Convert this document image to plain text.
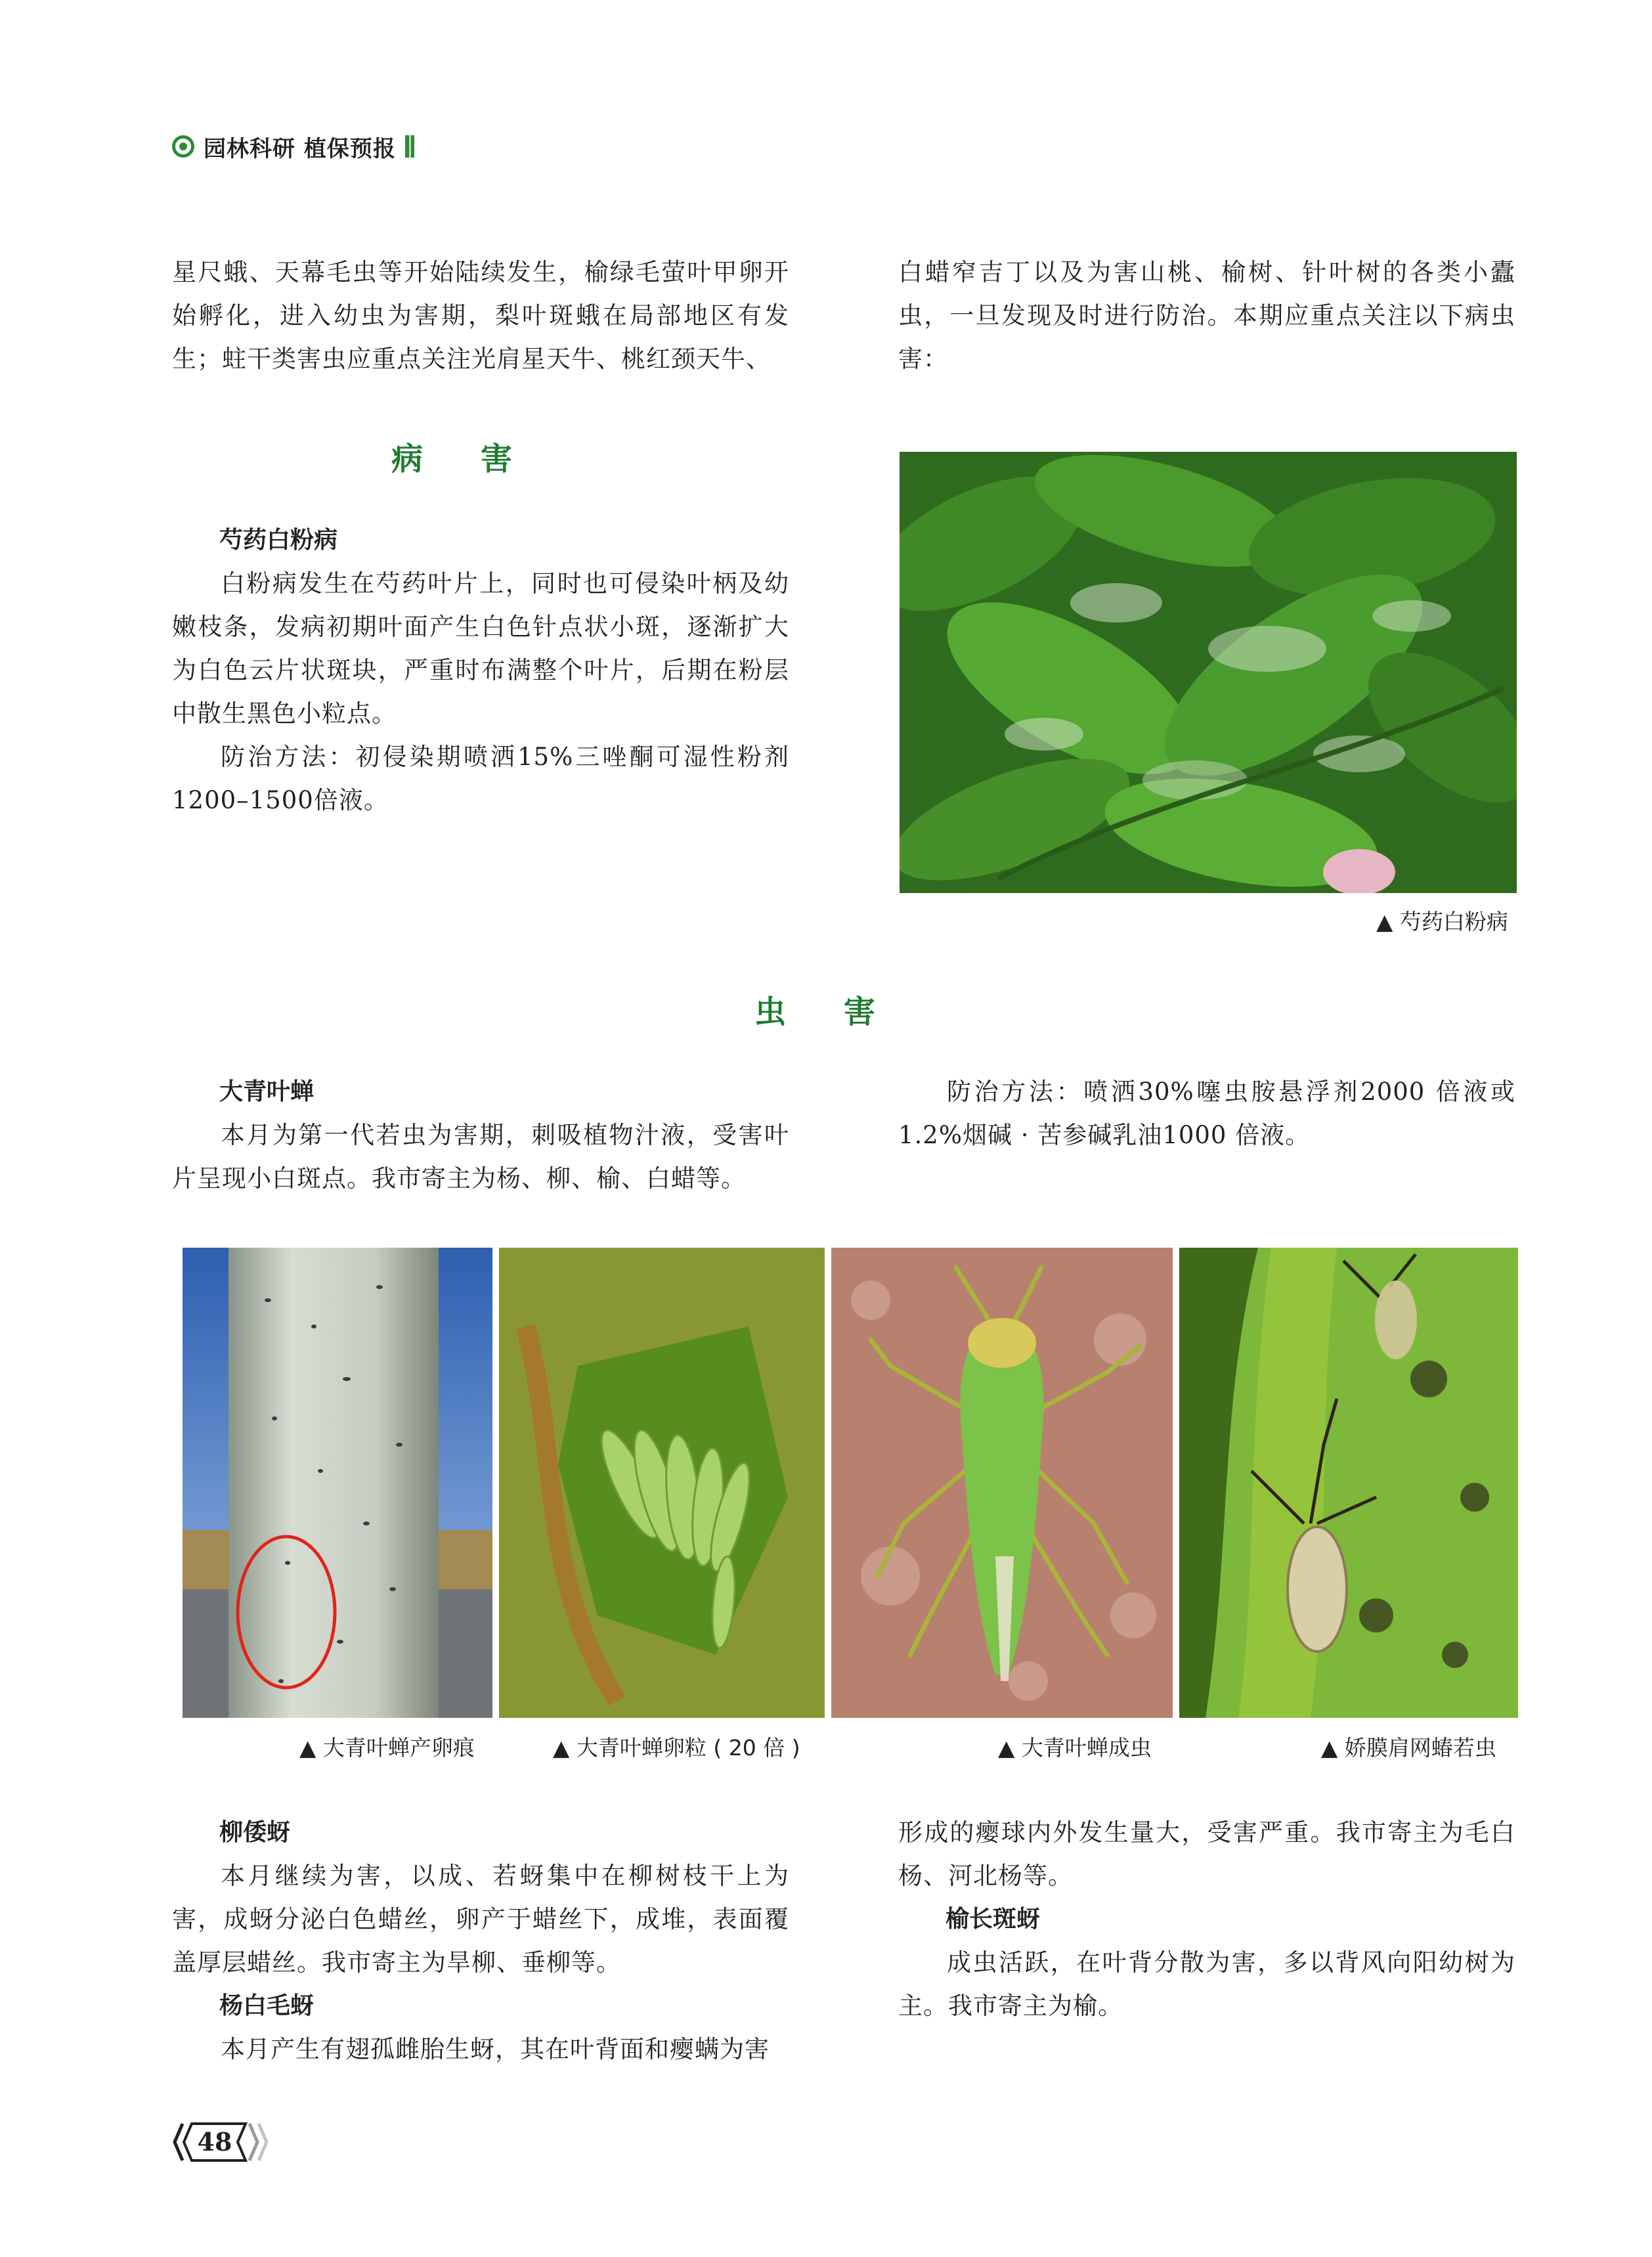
园林科研 植保预报

星尺蛾、天幕毛虫等开始陆续发生，榆绿毛萤叶甲卵开始孵化，进入幼虫为害期，梨叶斑蛾在局部地区有发生；蛀干类害虫应重点关注光肩星天牛、桃红颈天牛、

白蜡窄吉丁以及为害山桃、榆树、针叶树的各类小蠹虫，一旦发现及时进行防治。本期应重点关注以下病虫害：

病害

芍药白粉病

白粉病发生在芍药叶片上，同时也可侵染叶柄及幼嫩枝条，发病初期叶面产生白色针点状小斑，逐渐扩大为白色云片状斑块，严重时布满整个叶片，后期在粉层中散生黑色小粒点。

防治方法：初侵染期喷洒15%三唑酮可湿性粉剂1200–1500倍液。

▲ 芍药白粉病
虫害

大青叶蝉

本月为第一代若虫为害期，刺吸植物汁液，受害叶片呈现小白斑点。我市寄主为杨、柳、榆、白蜡等。

防治方法：喷洒30%噻虫胺悬浮剂2000 倍液或1.2%烟碱 · 苦参碱乳油1000 倍液。

▲ 大青叶蝉产卵痕	▲ 大青叶蝉卵粒 ( 20 倍 )	▲ 大青叶蝉成虫	▲ 娇膜肩网蝽若虫

柳倭蚜

本月继续为害，以成、若蚜集中在柳树枝干上为害，成蚜分泌白色蜡丝，卵产于蜡丝下，成堆，表面覆盖厚层蜡丝。我市寄主为旱柳、垂柳等。

杨白毛蚜

本月产生有翅孤雌胎生蚜，其在叶背面和瘿螨为害

形成的瘿球内外发生量大，受害严重。我市寄主为毛白杨、河北杨等。

榆长斑蚜

成虫活跃，在叶背分散为害，多以背风向阳幼树为主。我市寄主为榆。

48
